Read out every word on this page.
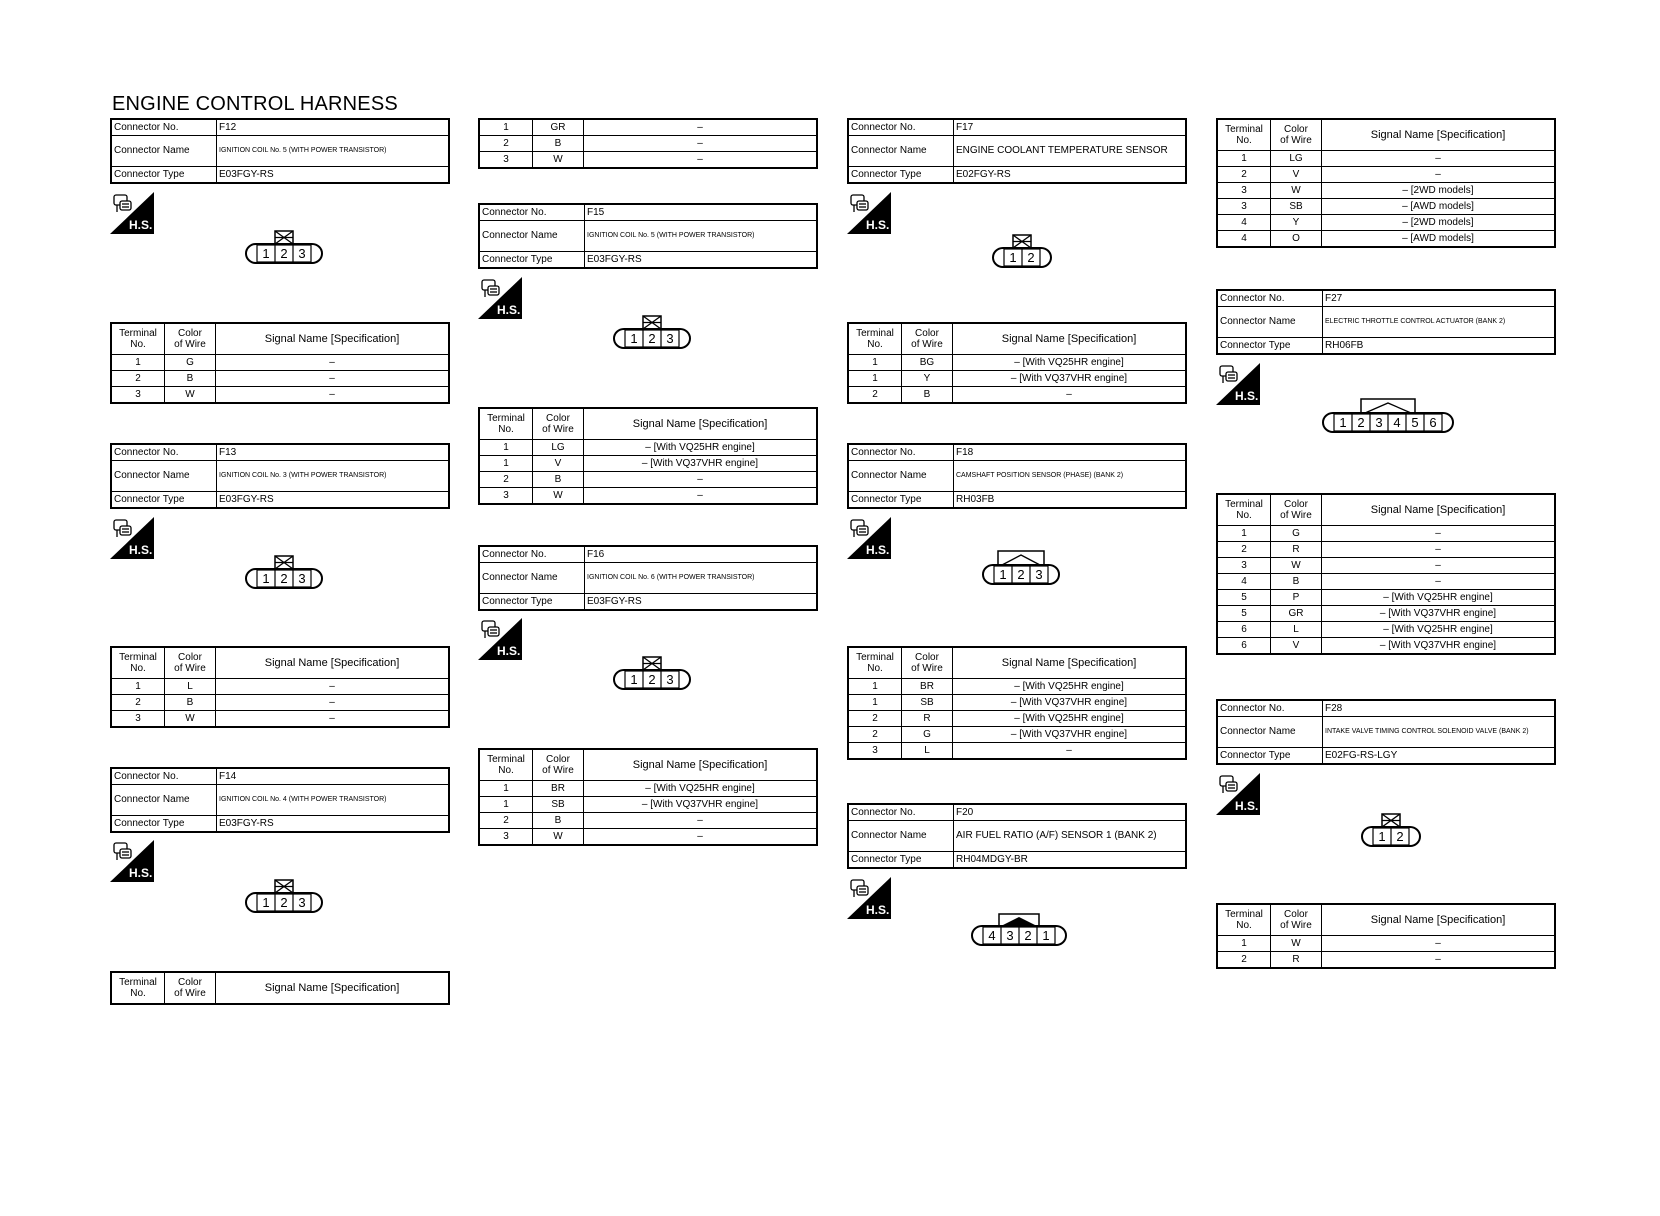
ENGINE CONTROL HARNESS
Connector No.	F12
Connector Name	IGNITION COIL No. 5 (WITH POWER TRANSISTOR)
Connector Type	E03FGY-RS
H.S.
1 2 3
Terminal
No.	Color
of Wire	Signal Name [Specification]
1	G	–
2	B	–
3	W	–
Connector No.	F13
Connector Name	IGNITION COIL No. 3 (WITH POWER TRANSISTOR)
Connector Type	E03FGY-RS
H.S.
1 2 3
Terminal
No.	Color
of Wire	Signal Name [Specification]
1	L	–
2	B	–
3	W	–
Connector No.	F14
Connector Name	IGNITION COIL No. 4 (WITH POWER TRANSISTOR)
Connector Type	E03FGY-RS
H.S.
1 2 3
Terminal
No.	Color
of Wire	Signal Name [Specification]
1	GR	–
2	B	–
3	W	–
Connector No.	F15
Connector Name	IGNITION COIL No. 5 (WITH POWER TRANSISTOR)
Connector Type	E03FGY-RS
H.S.
1 2 3
Terminal
No.	Color
of Wire	Signal Name [Specification]
1	LG	– [With VQ25HR engine]
1	V	– [With VQ37VHR engine]
2	B	–
3	W	–
Connector No.	F16
Connector Name	IGNITION COIL No. 6 (WITH POWER TRANSISTOR)
Connector Type	E03FGY-RS
H.S.
1 2 3
Terminal
No.	Color
of Wire	Signal Name [Specification]
1	BR	– [With VQ25HR engine]
1	SB	– [With VQ37VHR engine]
2	B	–
3	W	–
Connector No.	F17
Connector Name	ENGINE COOLANT TEMPERATURE SENSOR
Connector Type	E02FGY-RS
H.S.
1 2
Terminal
No.	Color
of Wire	Signal Name [Specification]
1	BG	– [With VQ25HR engine]
1	Y	– [With VQ37VHR engine]
2	B	–
Connector No.	F18
Connector Name	CAMSHAFT POSITION SENSOR (PHASE) (BANK 2)
Connector Type	RH03FB
H.S.
1 2 3
Terminal
No.	Color
of Wire	Signal Name [Specification]
1	BR	– [With VQ25HR engine]
1	SB	– [With VQ37VHR engine]
2	R	– [With VQ25HR engine]
2	G	– [With VQ37VHR engine]
3	L	–
Connector No.	F20
Connector Name	AIR FUEL RATIO (A/F) SENSOR 1 (BANK 2)
Connector Type	RH04MDGY-BR
H.S.
4 3 2 1
Terminal
No.	Color
of Wire	Signal Name [Specification]
1	LG	–
2	V	–
3	W	– [2WD models]
3	SB	– [AWD models]
4	Y	– [2WD models]
4	O	– [AWD models]
Connector No.	F27
Connector Name	ELECTRIC THROTTLE CONTROL ACTUATOR (BANK 2)
Connector Type	RH06FB
H.S.
1 2 3 4 5 6
Terminal
No.	Color
of Wire	Signal Name [Specification]
1	G	–
2	R	–
3	W	–
4	B	–
5	P	– [With VQ25HR engine]
5	GR	– [With VQ37VHR engine]
6	L	– [With VQ25HR engine]
6	V	– [With VQ37VHR engine]
Connector No.	F28
Connector Name	INTAKE VALVE TIMING CONTROL SOLENOID VALVE (BANK 2)
Connector Type	E02FG-RS-LGY
H.S.
1 2
Terminal
No.	Color
of Wire	Signal Name [Specification]
1	W	–
2	R	–
